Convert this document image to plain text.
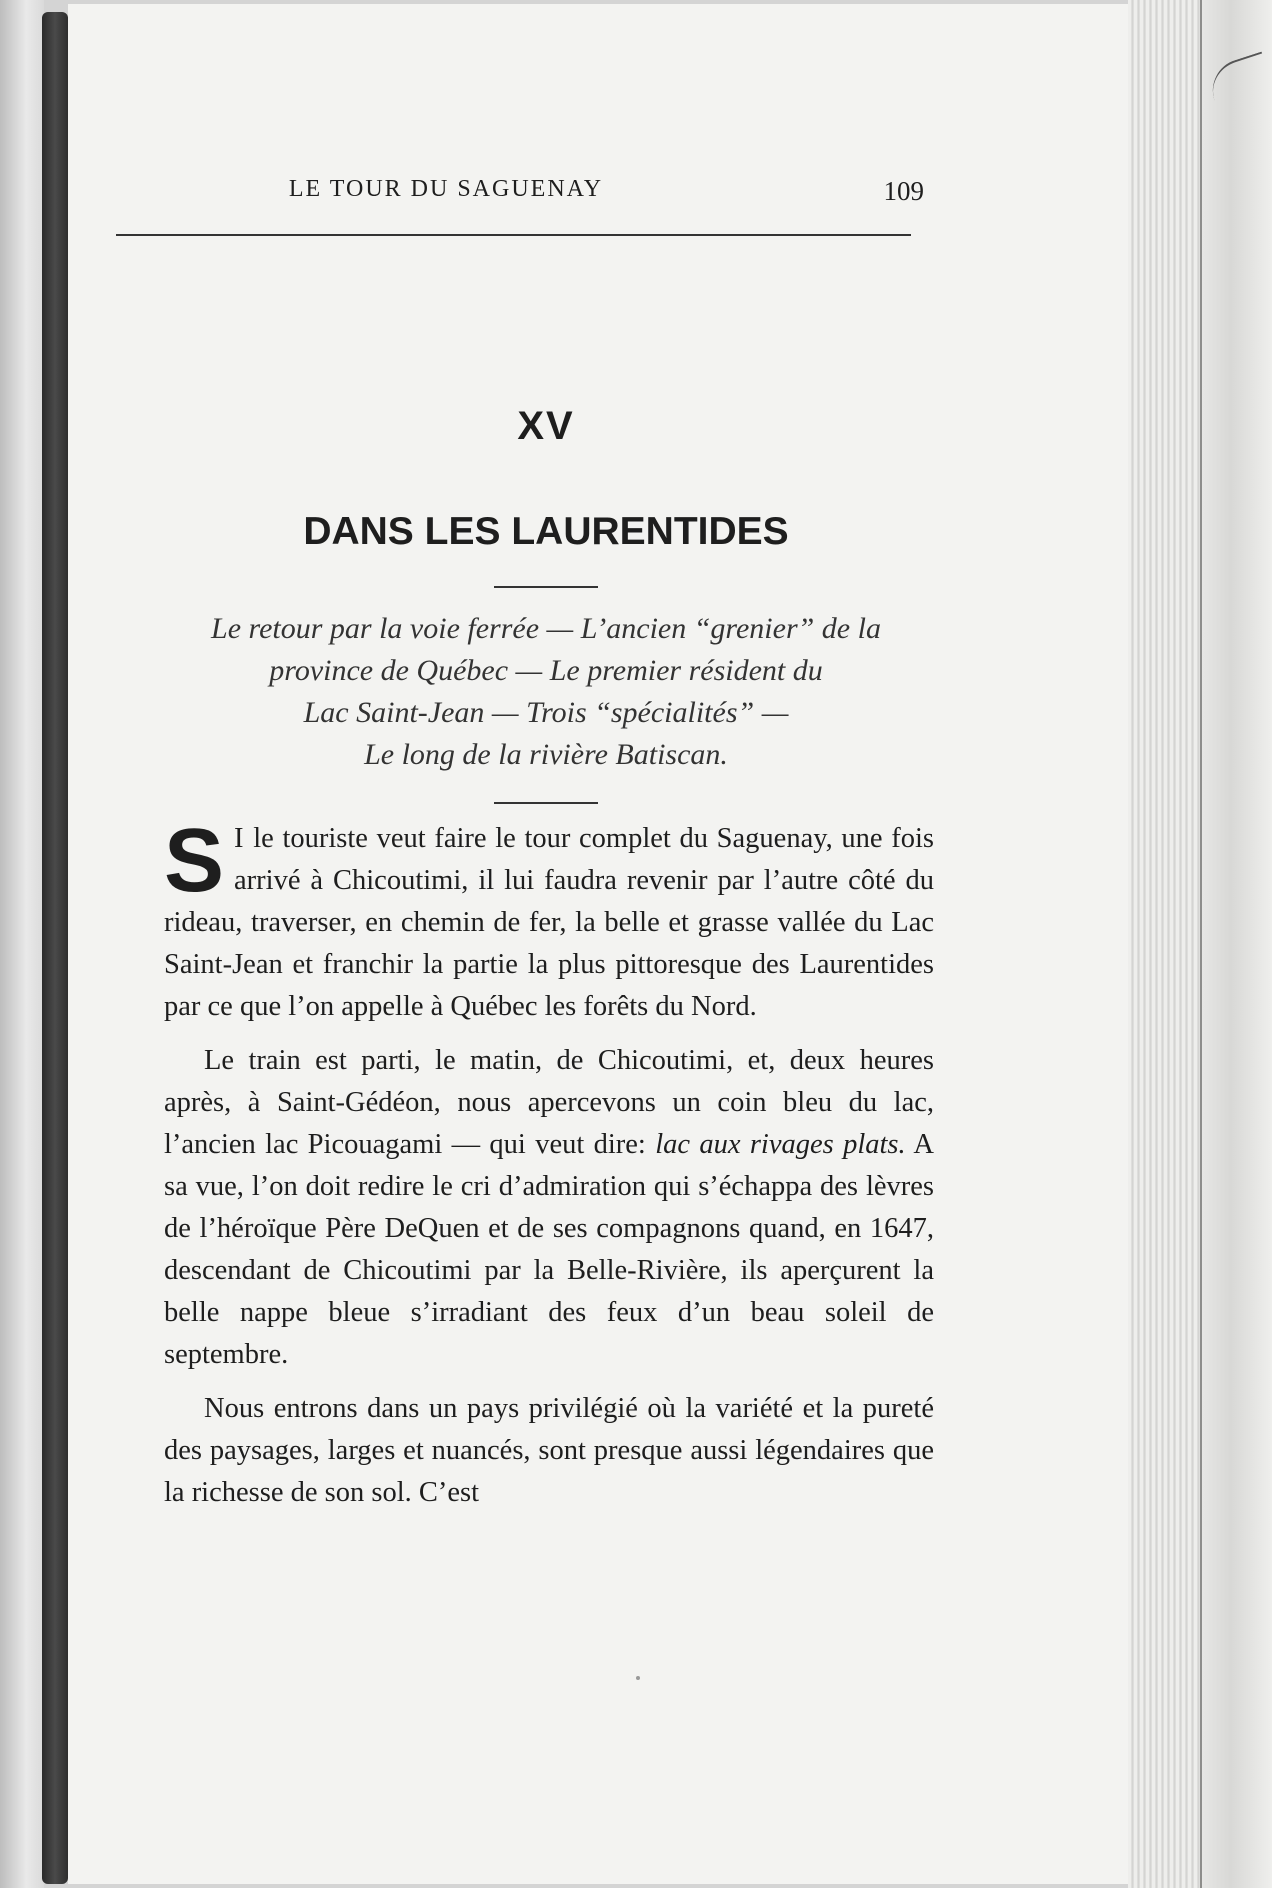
LE TOUR DU SAGUENAY	109
XV
DANS LES LAURENTIDES
Le retour par la voie ferrée — L’ancien “grenier” de la
province de Québec — Le premier résident du
Lac Saint-Jean — Trois “spécialités” —
Le long de la rivière Batiscan.

S I le touriste veut faire le tour complet du Saguenay, une fois arrivé à Chicoutimi, il lui faudra revenir par l’autre côté du rideau, traverser, en chemin de fer, la belle et grasse vallée du Lac Saint-Jean et franchir la partie la plus pittoresque des Laurentides par ce que l’on appelle à Québec les forêts du Nord.

Le train est parti, le matin, de Chicoutimi, et, deux heures après, à Saint-Gédéon, nous apercevons un coin bleu du lac, l’ancien lac Picouagami — qui veut dire: lac aux rivages plats. A sa vue, l’on doit redire le cri d’admiration qui s’échappa des lèvres de l’héroïque Père DeQuen et de ses compagnons quand, en 1647, descendant de Chicoutimi par la Belle-Rivière, ils aperçurent la belle nappe bleue s’irradiant des feux d’un beau soleil de septembre.

Nous entrons dans un pays privilégié où la variété et la pureté des paysages, larges et nuancés, sont presque aussi légendaires que la richesse de son sol. C’est
